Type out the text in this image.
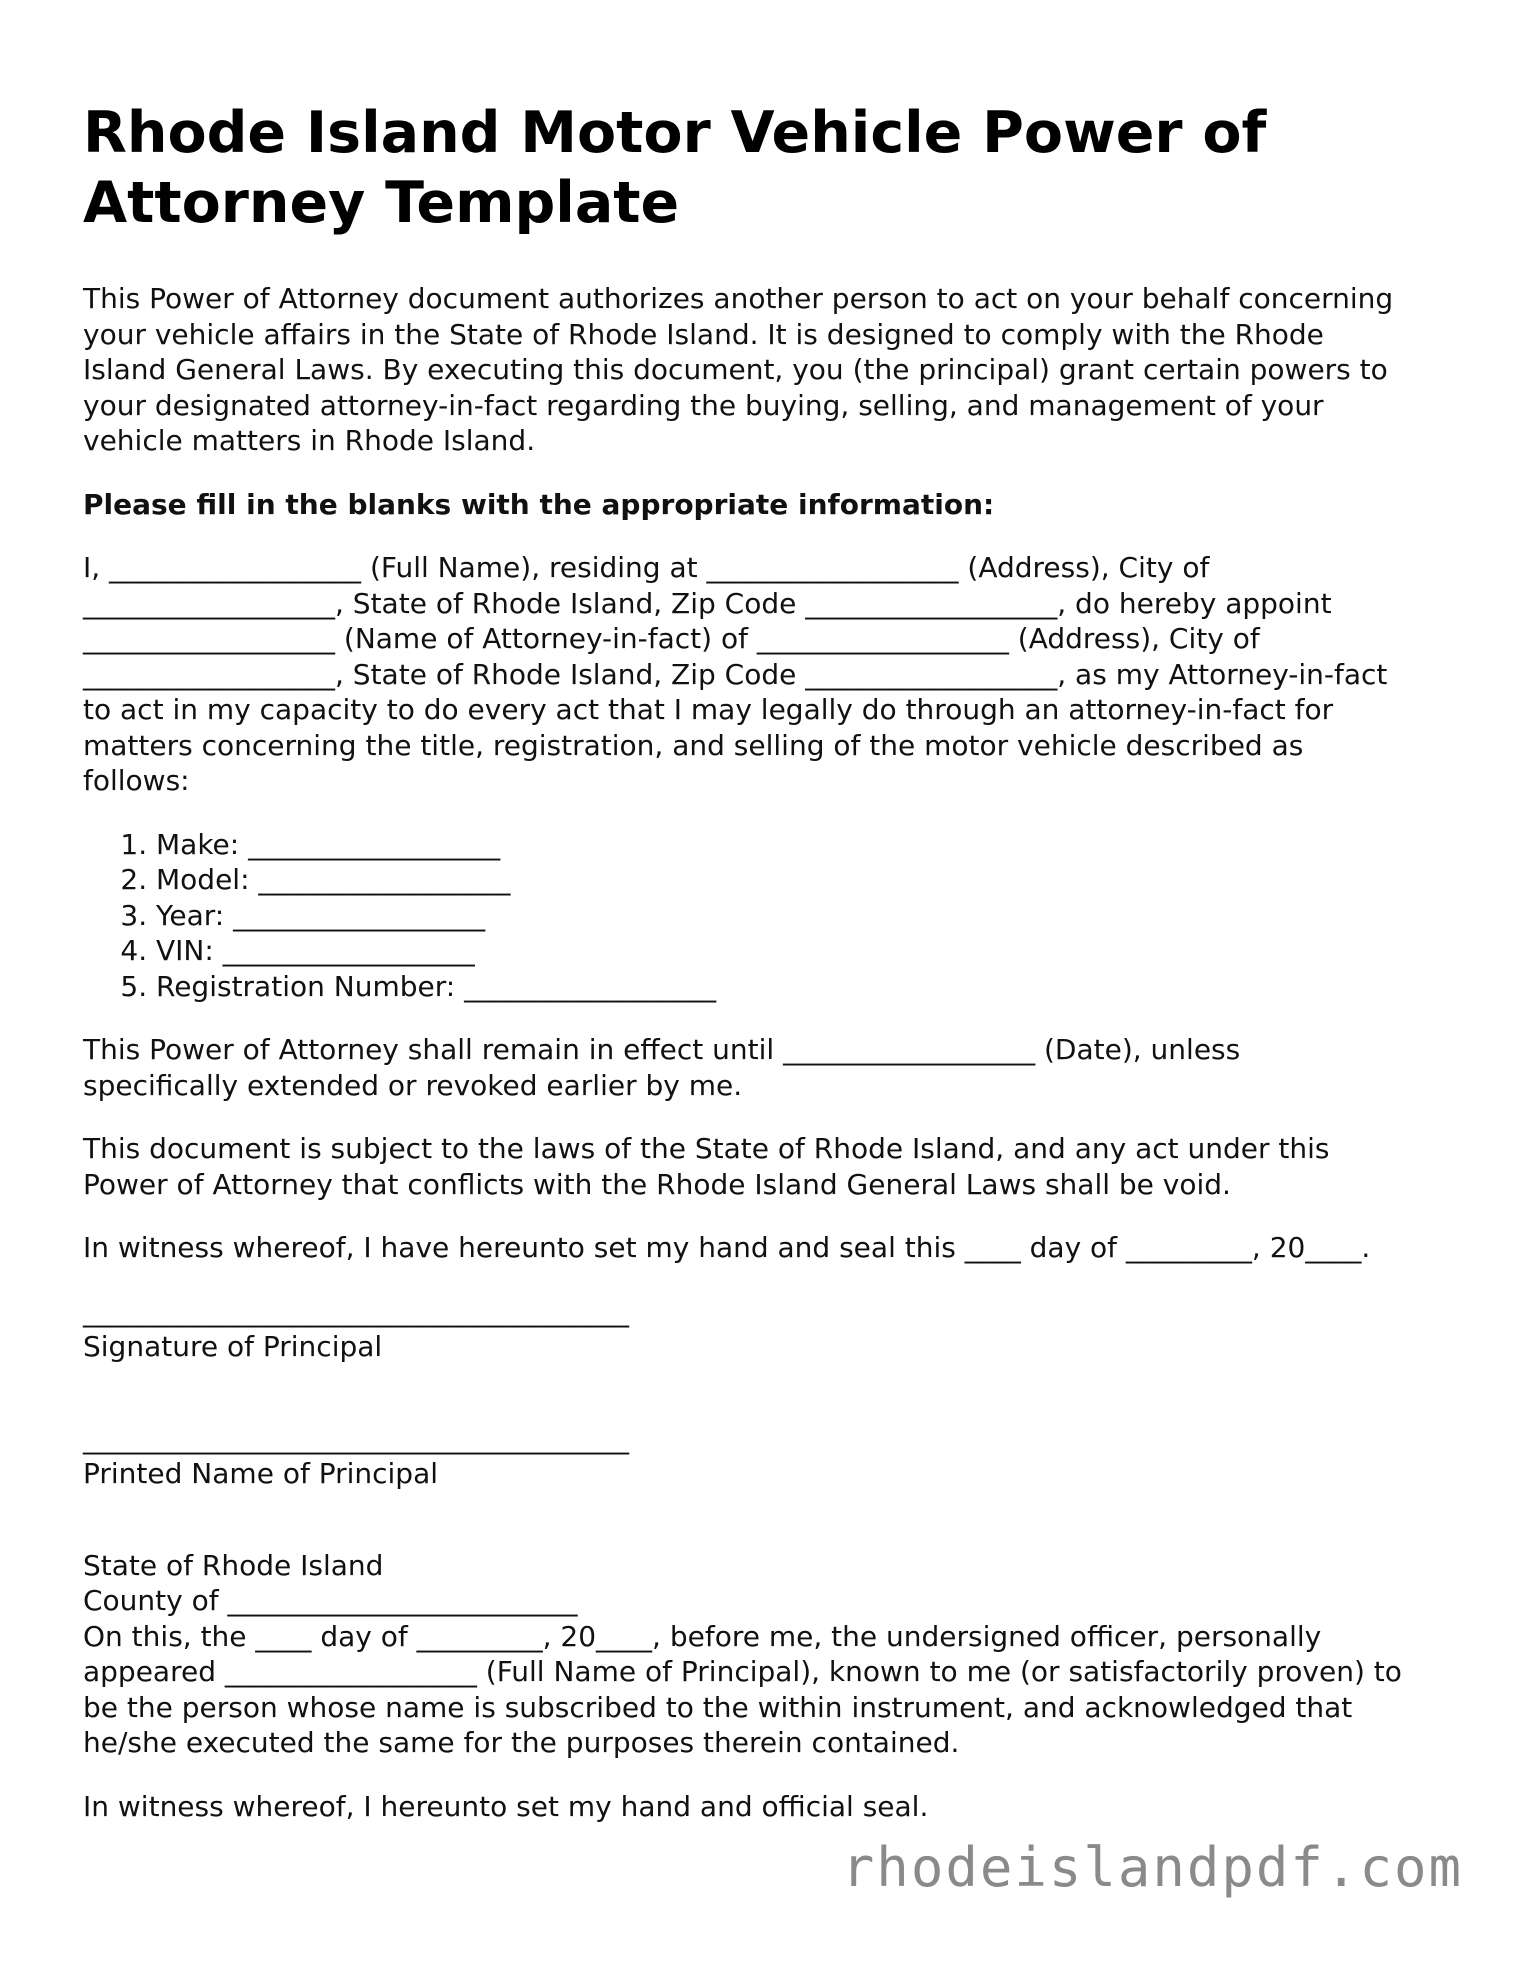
Rhode Island Motor Vehicle Power of Attorney Template

This Power of Attorney document authorizes another person to act on your behalf concerning your vehicle affairs in the State of Rhode Island. It is designed to comply with the Rhode Island General Laws. By executing this document, you (the principal) grant certain powers to your designated attorney-in-fact regarding the buying, selling, and management of your vehicle matters in Rhode Island.

Please fill in the blanks with the appropriate information:

I, __________________ (Full Name), residing at __________________ (Address), City of __________________, State of Rhode Island, Zip Code __________________, do hereby appoint __________________ (Name of Attorney-in-fact) of __________________ (Address), City of __________________, State of Rhode Island, Zip Code __________________, as my Attorney-in-fact to act in my capacity to do every act that I may legally do through an attorney-in-fact for matters concerning the title, registration, and selling of the motor vehicle described as follows:

1. Make: __________________
2. Model: __________________
3. Year: __________________
4. VIN: __________________
5. Registration Number: __________________

This Power of Attorney shall remain in effect until __________________ (Date), unless specifically extended or revoked earlier by me.

This document is subject to the laws of the State of Rhode Island, and any act under this Power of Attorney that conflicts with the Rhode Island General Laws shall be void.

In witness whereof, I have hereunto set my hand and seal this ____ day of _________, 20____.

_______________________________________

Signature of Principal

_______________________________________

Printed Name of Principal

State of Rhode Island

County of _________________________

On this, the ____ day of _________, 20____, before me, the undersigned officer, personally appeared __________________ (Full Name of Principal), known to me (or satisfactorily proven) to be the person whose name is subscribed to the within instrument, and acknowledged that he/she executed the same for the purposes therein contained.

In witness whereof, I hereunto set my hand and official seal.

rhodeislandpdf.com
